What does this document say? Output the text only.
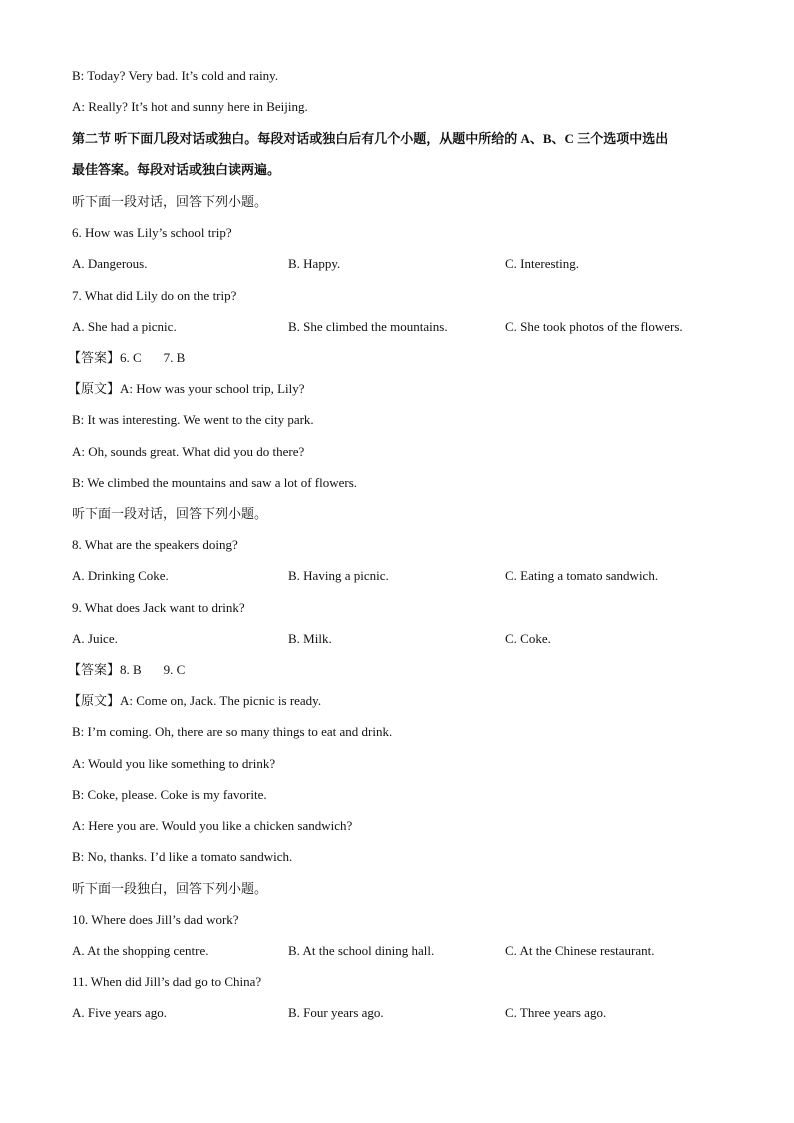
B: Today? Very bad. It’s cold and rainy.
A: Really? It’s hot and sunny here in Beijing.
第二节 听下面几段对话或独白。每段对话或独白后有几个小题，从题中所给的 A、B、C 三个选项中选出
最佳答案。每段对话或独白读两遍。
听下面一段对话，回答下列小题。
6. How was Lily’s school trip?
A. Dangerous.	B. Happy.	C. Interesting.
7. What did Lily do on the trip?
A. She had a picnic.	B. She climbed the mountains.	C. She took photos of the flowers.
【答案】6. C 7. B
【原文】A: How was your school trip, Lily?
B: It was interesting. We went to the city park.
A: Oh, sounds great. What did you do there?
B: We climbed the mountains and saw a lot of flowers.
听下面一段对话，回答下列小题。
8. What are the speakers doing?
A. Drinking Coke.	B. Having a picnic.	C. Eating a tomato sandwich.
9. What does Jack want to drink?
A. Juice.	B. Milk.	C. Coke.
【答案】8. B 9. C
【原文】A: Come on, Jack. The picnic is ready.
B: I’m coming. Oh, there are so many things to eat and drink.
A: Would you like something to drink?
B: Coke, please. Coke is my favorite.
A: Here you are. Would you like a chicken sandwich?
B: No, thanks. I’d like a tomato sandwich.
听下面一段独白，回答下列小题。
10. Where does Jill’s dad work?
A. At the shopping centre.	B. At the school dining hall.	C. At the Chinese restaurant.
11. When did Jill’s dad go to China?
A. Five years ago.	B. Four years ago.	C. Three years ago.
